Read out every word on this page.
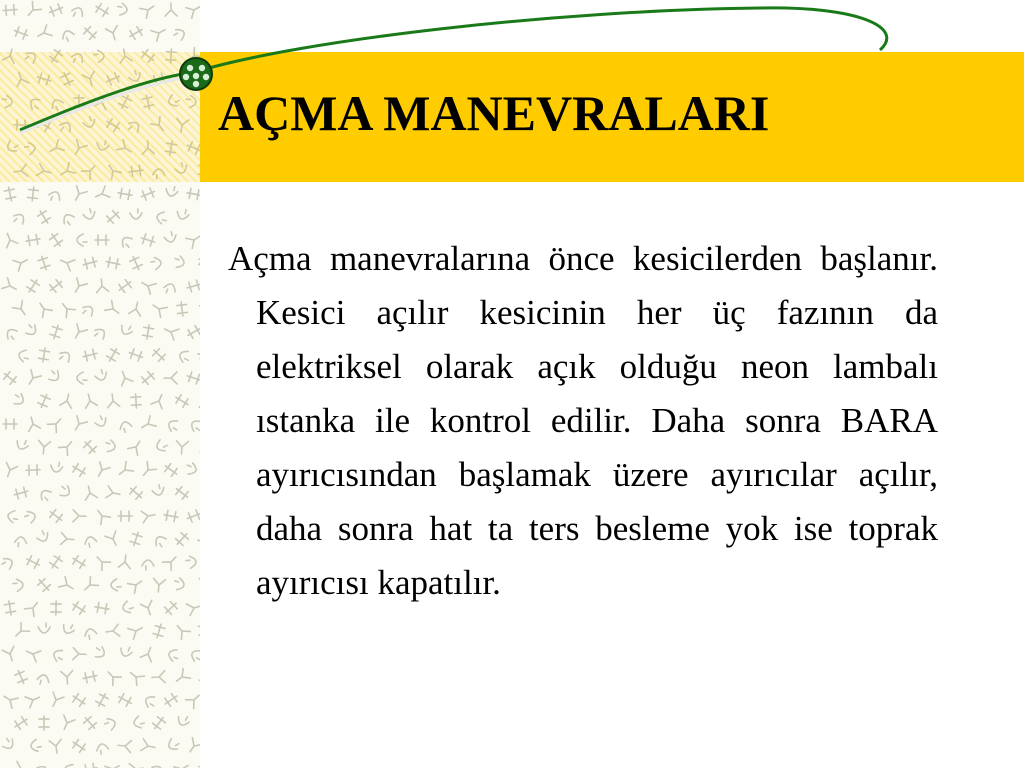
AÇMA MANEVRALARI

Açma manevralarına önce kesicilerden başlanır. Kesici açılır kesicinin her üç fazının da elektriksel olarak açık olduğu neon lambalı ıstanka ile kontrol edilir. Daha sonra BARA ayırıcısından başlamak üzere ayırıcılar açılır, daha sonra hat ta ters besleme yok ise toprak ayırıcısı kapatılır.
